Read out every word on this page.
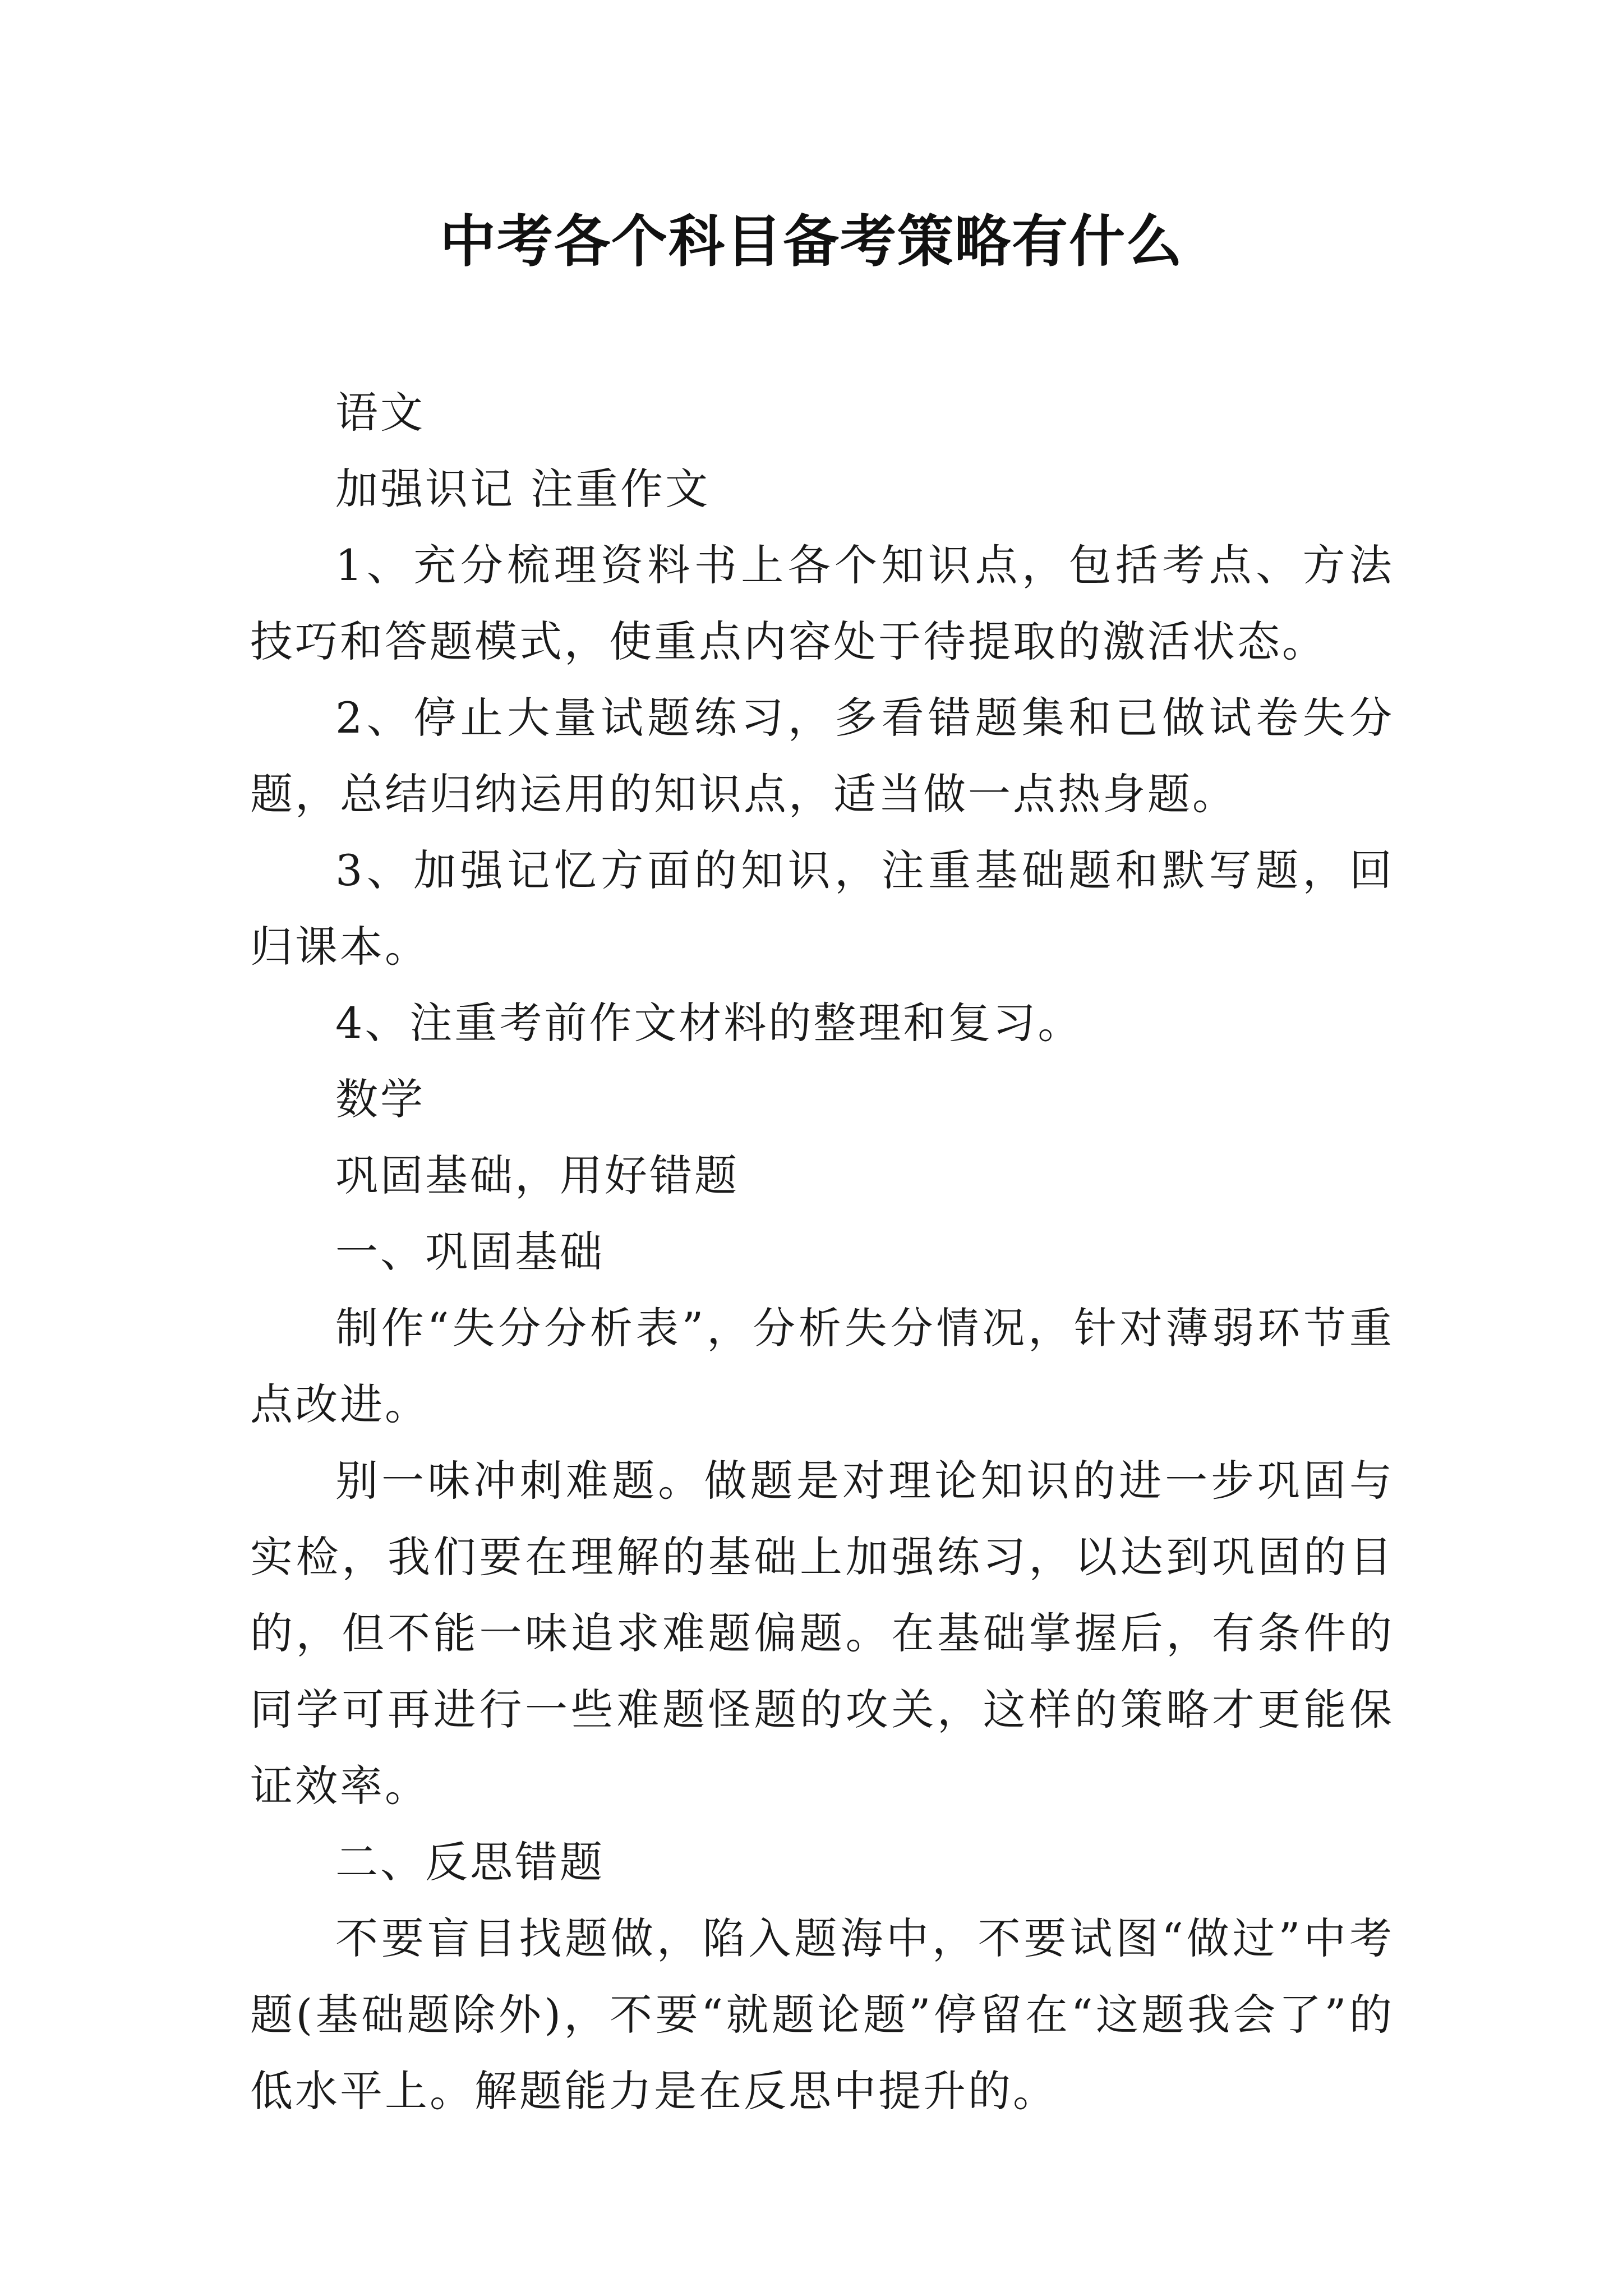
中考各个科目备考策略有什么

语文

加强识记 注重作文

1、充分梳理资料书上各个知识点，包括考点、方法技巧和答题模式，使重点内容处于待提取的激活状态。

2、停止大量试题练习，多看错题集和已做试卷失分题，总结归纳运用的知识点，适当做一点热身题。

3、加强记忆方面的知识，注重基础题和默写题，回归课本。

4、注重考前作文材料的整理和复习。

数学

巩固基础，用好错题

一、巩固基础

制作“失分分析表”，分析失分情况，针对薄弱环节重点改进。

别一味冲刺难题。做题是对理论知识的进一步巩固与实检，我们要在理解的基础上加强练习，以达到巩固的目的，但不能一味追求难题偏题。在基础掌握后，有条件的同学可再进行一些难题怪题的攻关，这样的策略才更能保证效率。

二、反思错题

不要盲目找题做，陷入题海中，不要试图“做过”中考题(基础题除外)，不要“就题论题”停留在“这题我会了”的低水平上。解题能力是在反思中提升的。
